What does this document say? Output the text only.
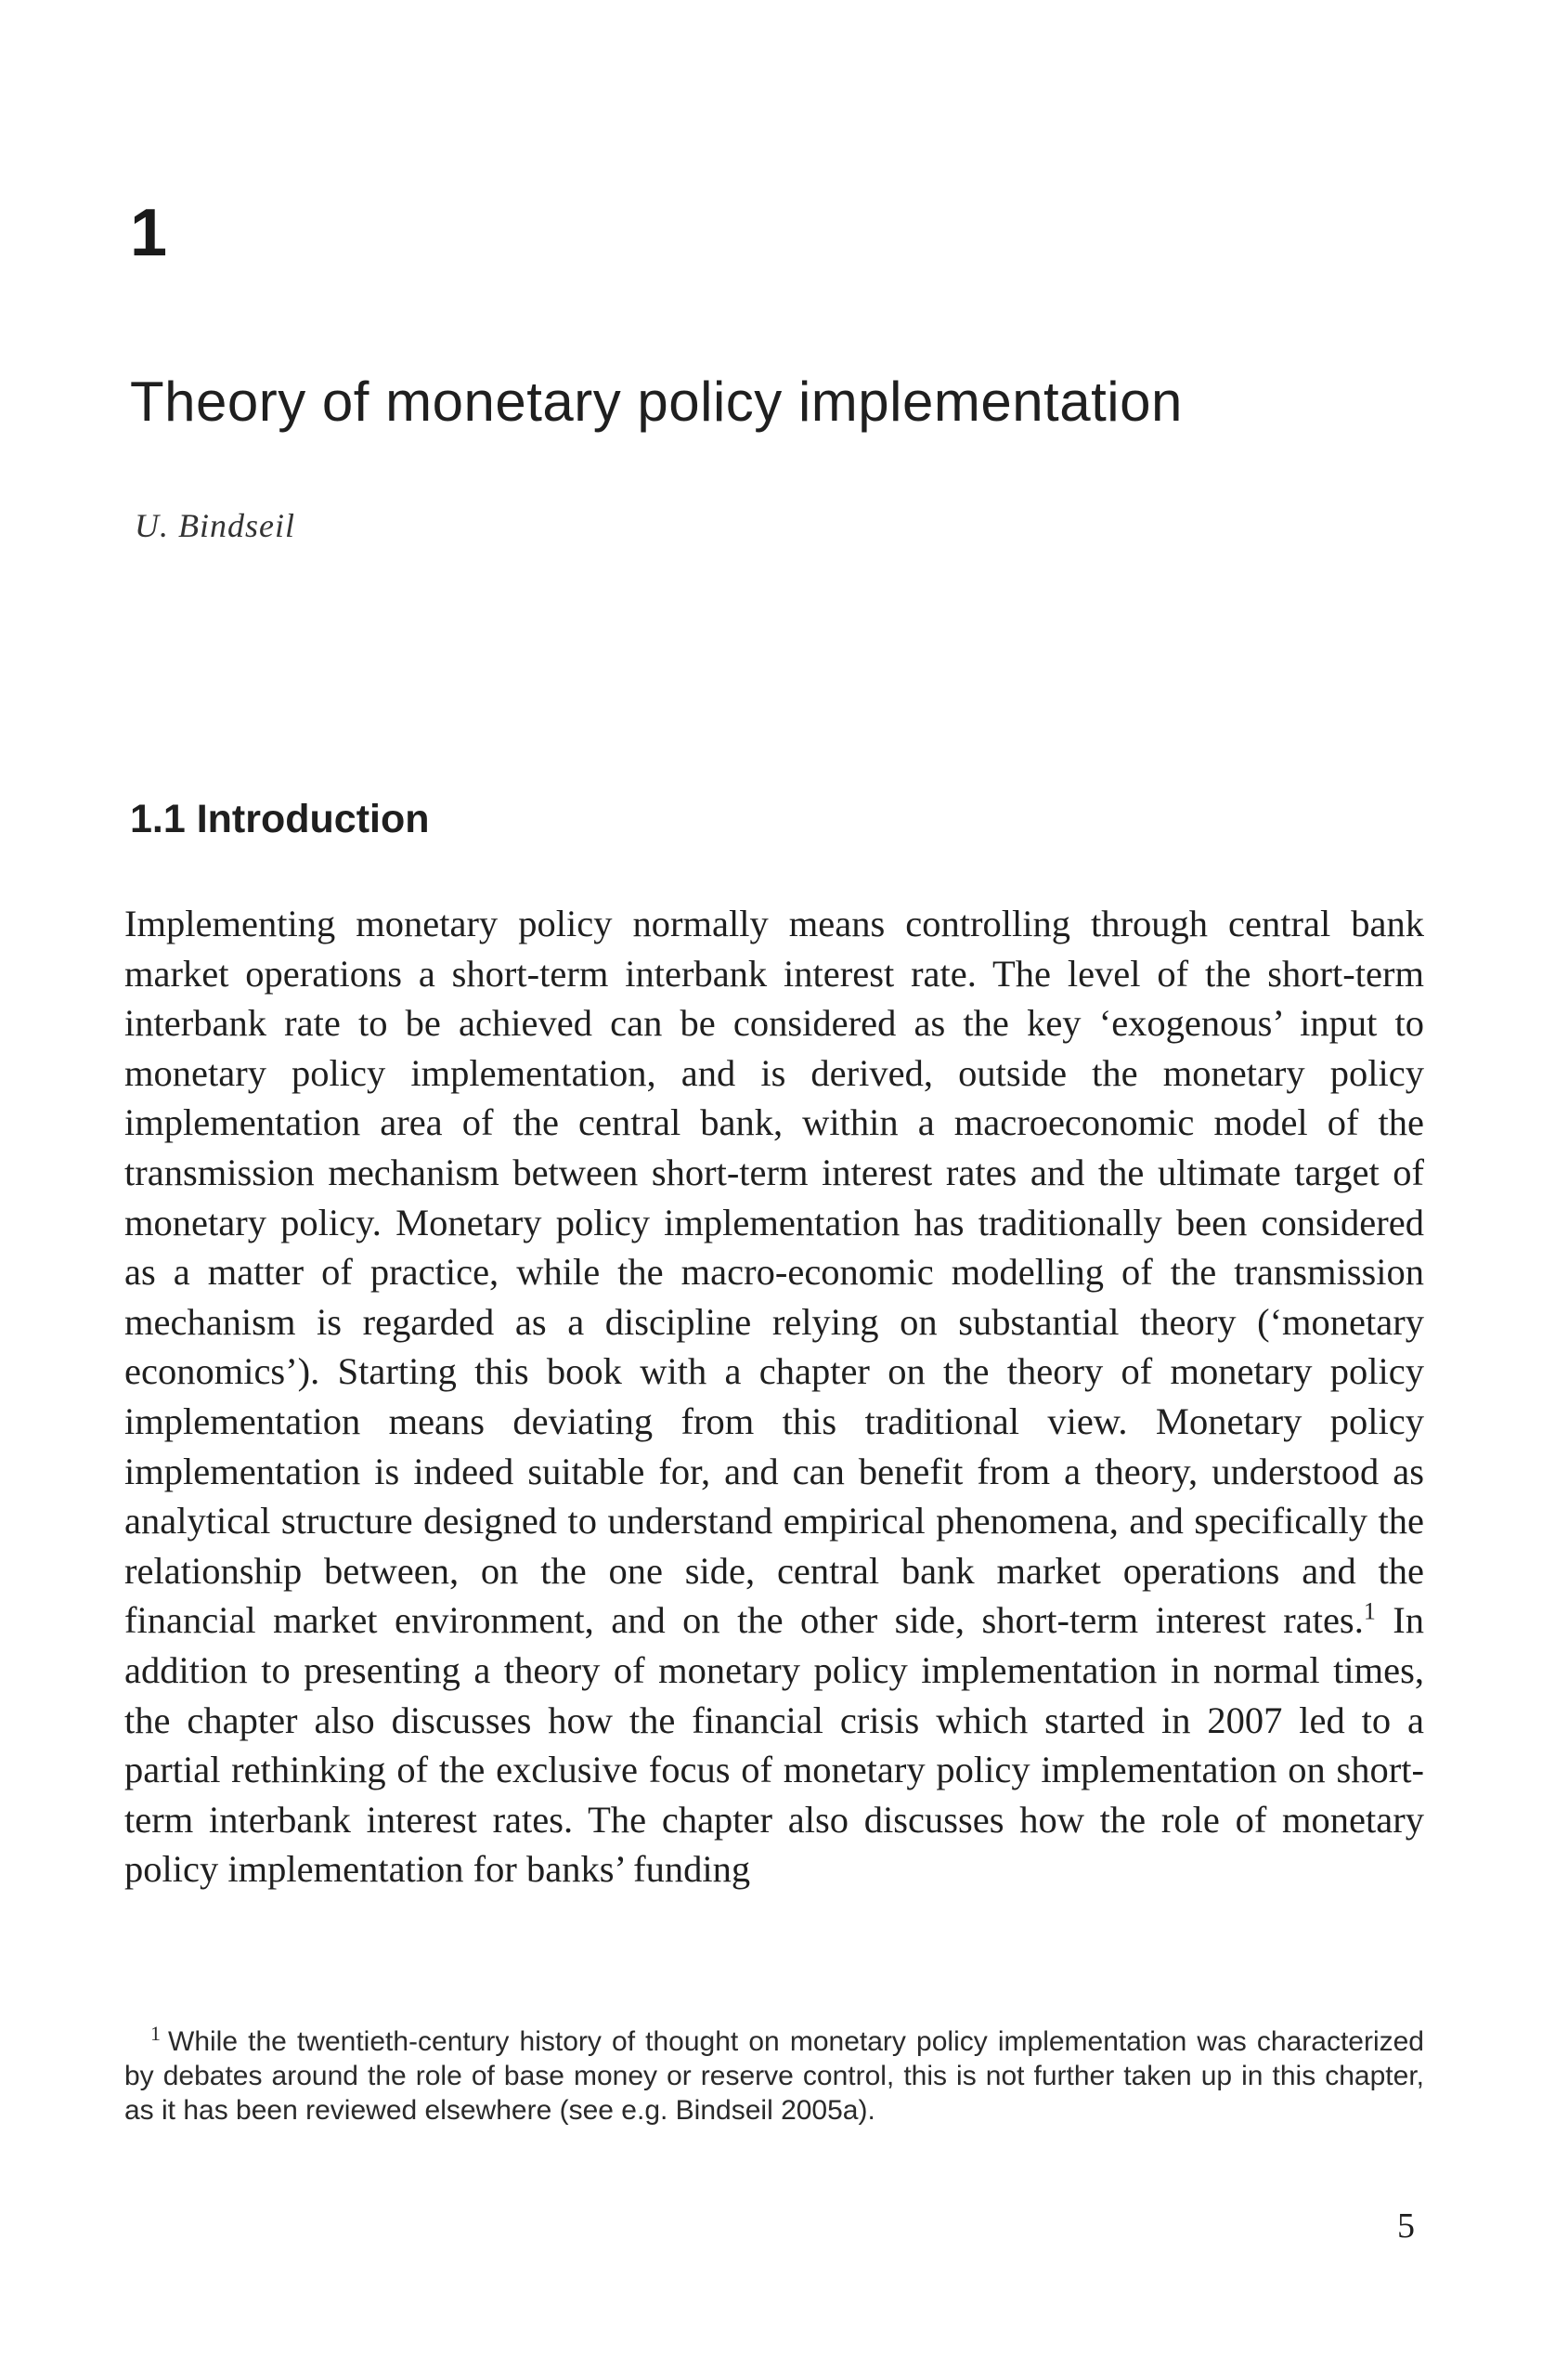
1
Theory of monetary policy implementation
U. Bindseil
1.1 Introduction

Implementing monetary policy normally means controlling through central bank market operations a short-term interbank interest rate. The level of the short-term interbank rate to be achieved can be considered as the key ‘exogenous’ input to monetary policy implementation, and is derived, outside the monetary policy implementation area of the central bank, within a macroeconomic model of the transmission mechanism between short-term interest rates and the ultimate target of monetary policy. Monetary policy implementation has traditionally been considered as a matter of practice, while the macro-economic modelling of the transmission mechanism is regarded as a discipline relying on substantial theory (‘monetary economics’). Starting this book with a chapter on the theory of monetary policy implementation means deviating from this traditional view. Monetary policy implementation is indeed suitable for, and can benefit from a theory, understood as analytical structure designed to understand empirical phenomena, and specifically the relationship between, on the one side, central bank market operations and the financial market environment, and on the other side, short-term interest rates.$^1$ In addition to presenting a theory of monetary policy implementation in normal times, the chapter also discusses how the financial crisis which started in 2007 led to a partial rethinking of the exclusive focus of monetary policy implementation on short-term interbank interest rates. The chapter also discusses how the role of monetary policy implementation for banks’ funding

$^1$ While the twentieth-century history of thought on monetary policy implementation was characterized by debates around the role of base money or reserve control, this is not further taken up in this chapter, as it has been reviewed elsewhere (see e.g. Bindseil 2005a).

5
